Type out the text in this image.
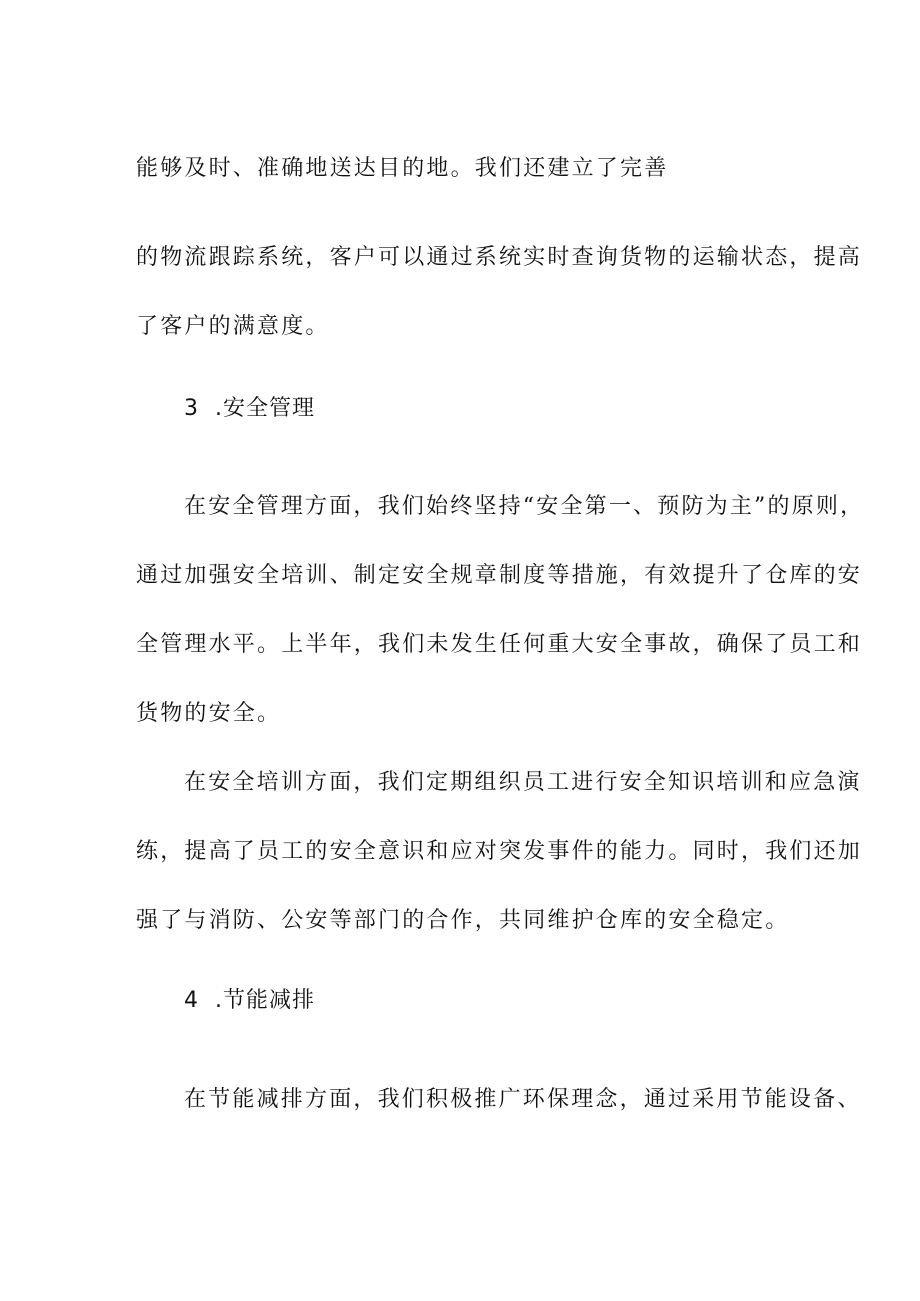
能够及时、准确地送达目的地。我们还建立了完善
的物流跟踪系统，客户可以通过系统实时查询货物的运输状态，提高
了客户的满意度。
3 .安全管理
在安全管理方面，我们始终坚持“安全第一、预防为主”的原则，
通过加强安全培训、制定安全规章制度等措施，有效提升了仓库的安
全管理水平。上半年，我们未发生任何重大安全事故，确保了员工和
货物的安全。
在安全培训方面，我们定期组织员工进行安全知识培训和应急演
练，提高了员工的安全意识和应对突发事件的能力。同时，我们还加
强了与消防、公安等部门的合作，共同维护仓库的安全稳定。
4 .节能减排
在节能减排方面，我们积极推广环保理念，通过采用节能设备、
